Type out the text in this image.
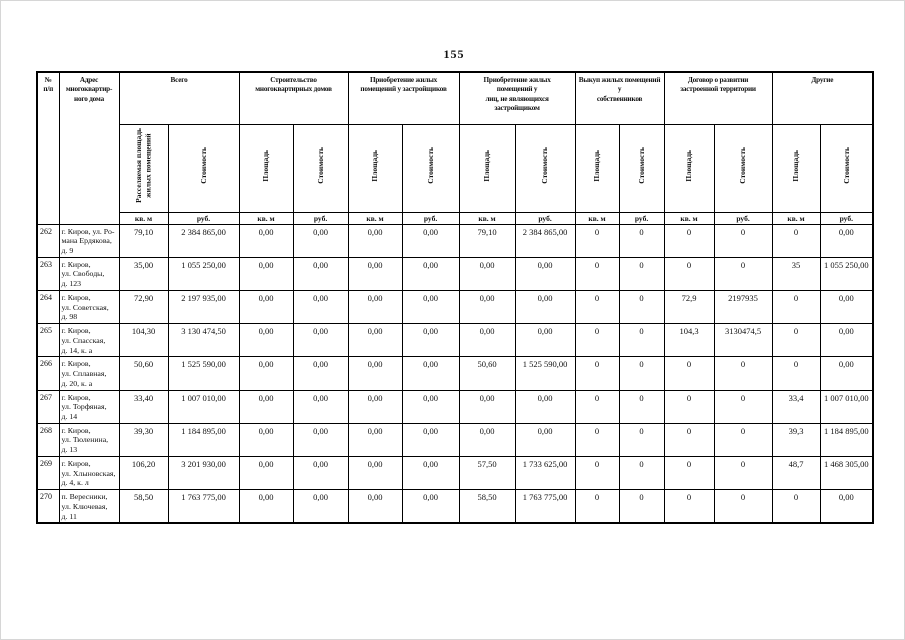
155
№
п/п	Адрес
многоквартир-
ного дома	Всего		Строительство
многоквартирных домов		Приобретение жилых
помещений у застройщиков		Приобретение жилых
помещений у
лиц, не являющихся
застройщиком		Выкуп жилых помещений у
собственников		Договор о развитии
застроенной территории		Другие	
		Расселяемая площадь
жилых помещений	Стоимость	Площадь	Стоимость	Площадь	Стоимость	Площадь	Стоимость	Площадь	Стоимость	Площадь	Стоимость	Площадь	Стоимость
		кв. м	руб.	кв. м	руб.	кв. м	руб.	кв. м	руб.	кв. м	руб.	кв. м	руб.	кв. м	руб.
262	г. Киров, ул. Ро-
мана Ердякова,
д. 9	79,10	2 384 865,00	0,00	0,00	0,00	0,00	79,10	2 384 865,00	0	0	0	0	0	0,00
263	г. Киров,
ул. Свободы,
д. 123	35,00	1 055 250,00	0,00	0,00	0,00	0,00	0,00	0,00	0	0	0	0	35	1 055 250,00
264	г. Киров,
ул. Советская,
д. 98	72,90	2 197 935,00	0,00	0,00	0,00	0,00	0,00	0,00	0	0	72,9	2197935	0	0,00
265	г. Киров,
ул. Спасская,
д. 14, к. а	104,30	3 130 474,50	0,00	0,00	0,00	0,00	0,00	0,00	0	0	104,3	3130474,5	0	0,00
266	г. Киров,
ул. Сплавная,
д. 20, к. а	50,60	1 525 590,00	0,00	0,00	0,00	0,00	50,60	1 525 590,00	0	0	0	0	0	0,00
267	г. Киров,
ул. Торфяная,
д. 14	33,40	1 007 010,00	0,00	0,00	0,00	0,00	0,00	0,00	0	0	0	0	33,4	1 007 010,00
268	г. Киров,
ул. Тюленина,
д. 13	39,30	1 184 895,00	0,00	0,00	0,00	0,00	0,00	0,00	0	0	0	0	39,3	1 184 895,00
269	г. Киров,
ул. Хлыновская,
д. 4, к. л	106,20	3 201 930,00	0,00	0,00	0,00	0,00	57,50	1 733 625,00	0	0	0	0	48,7	1 468 305,00
270	п. Вересники,
ул. Ключевая,
д. 11	58,50	1 763 775,00	0,00	0,00	0,00	0,00	58,50	1 763 775,00	0	0	0	0	0	0,00
